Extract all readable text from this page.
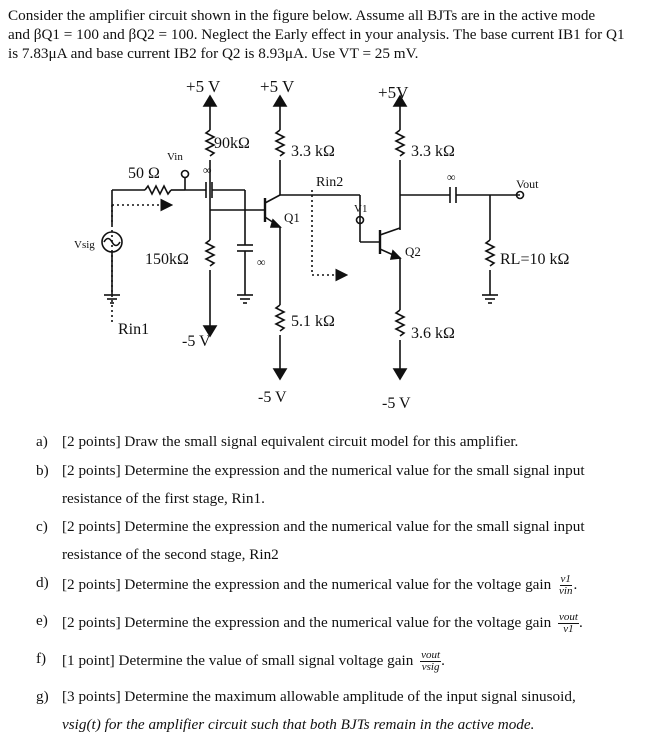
Consider the amplifier circuit shown in the figure below. Assume all BJTs are in the active mode
and βQ1 = 100 and βQ2 = 100. Neglect the Early effect in your analysis. The base current IB1 for Q1
is 7.83μA and base current IB2 for Q2 is 8.93μA. Use VT = 25 mV.
+5 V +5 V	+5V
90kΩ	3.3 kΩ	3.3 kΩ
50 Ω
Vin
Vsig
150kΩ
Rin1
Rin2
Q1
V1
Q2
Vout
RL=10 kΩ
5.1 kΩ
3.6 kΩ
-5 V
-5 V	-5 V
∞
∞
∞
a) [2 points] Draw the small signal equivalent circuit model for this amplifier.
b) [2 points] Determine the expression and the numerical value for the small signal input
resistance of the first stage, Rin1.
c) [2 points] Determine the expression and the numerical value for the small signal input
resistance of the second stage, Rin2
d) [2 points] Determine the expression and the numerical value for the voltage gain $\frac{v1}{\text{vin}}$ .
e) [2 points] Determine the expression and the numerical value for the voltage gain $\frac{\text{vout}}{v1}$ .
f) [1 point] Determine the value of small signal voltage gain $\frac{\text{vout}}{\text{vsig}}$ .
g) [3 points] Determine the maximum allowable amplitude of the input signal sinusoid,
vsig(t) for the amplifier circuit such that both BJTs remain in the active mode.
